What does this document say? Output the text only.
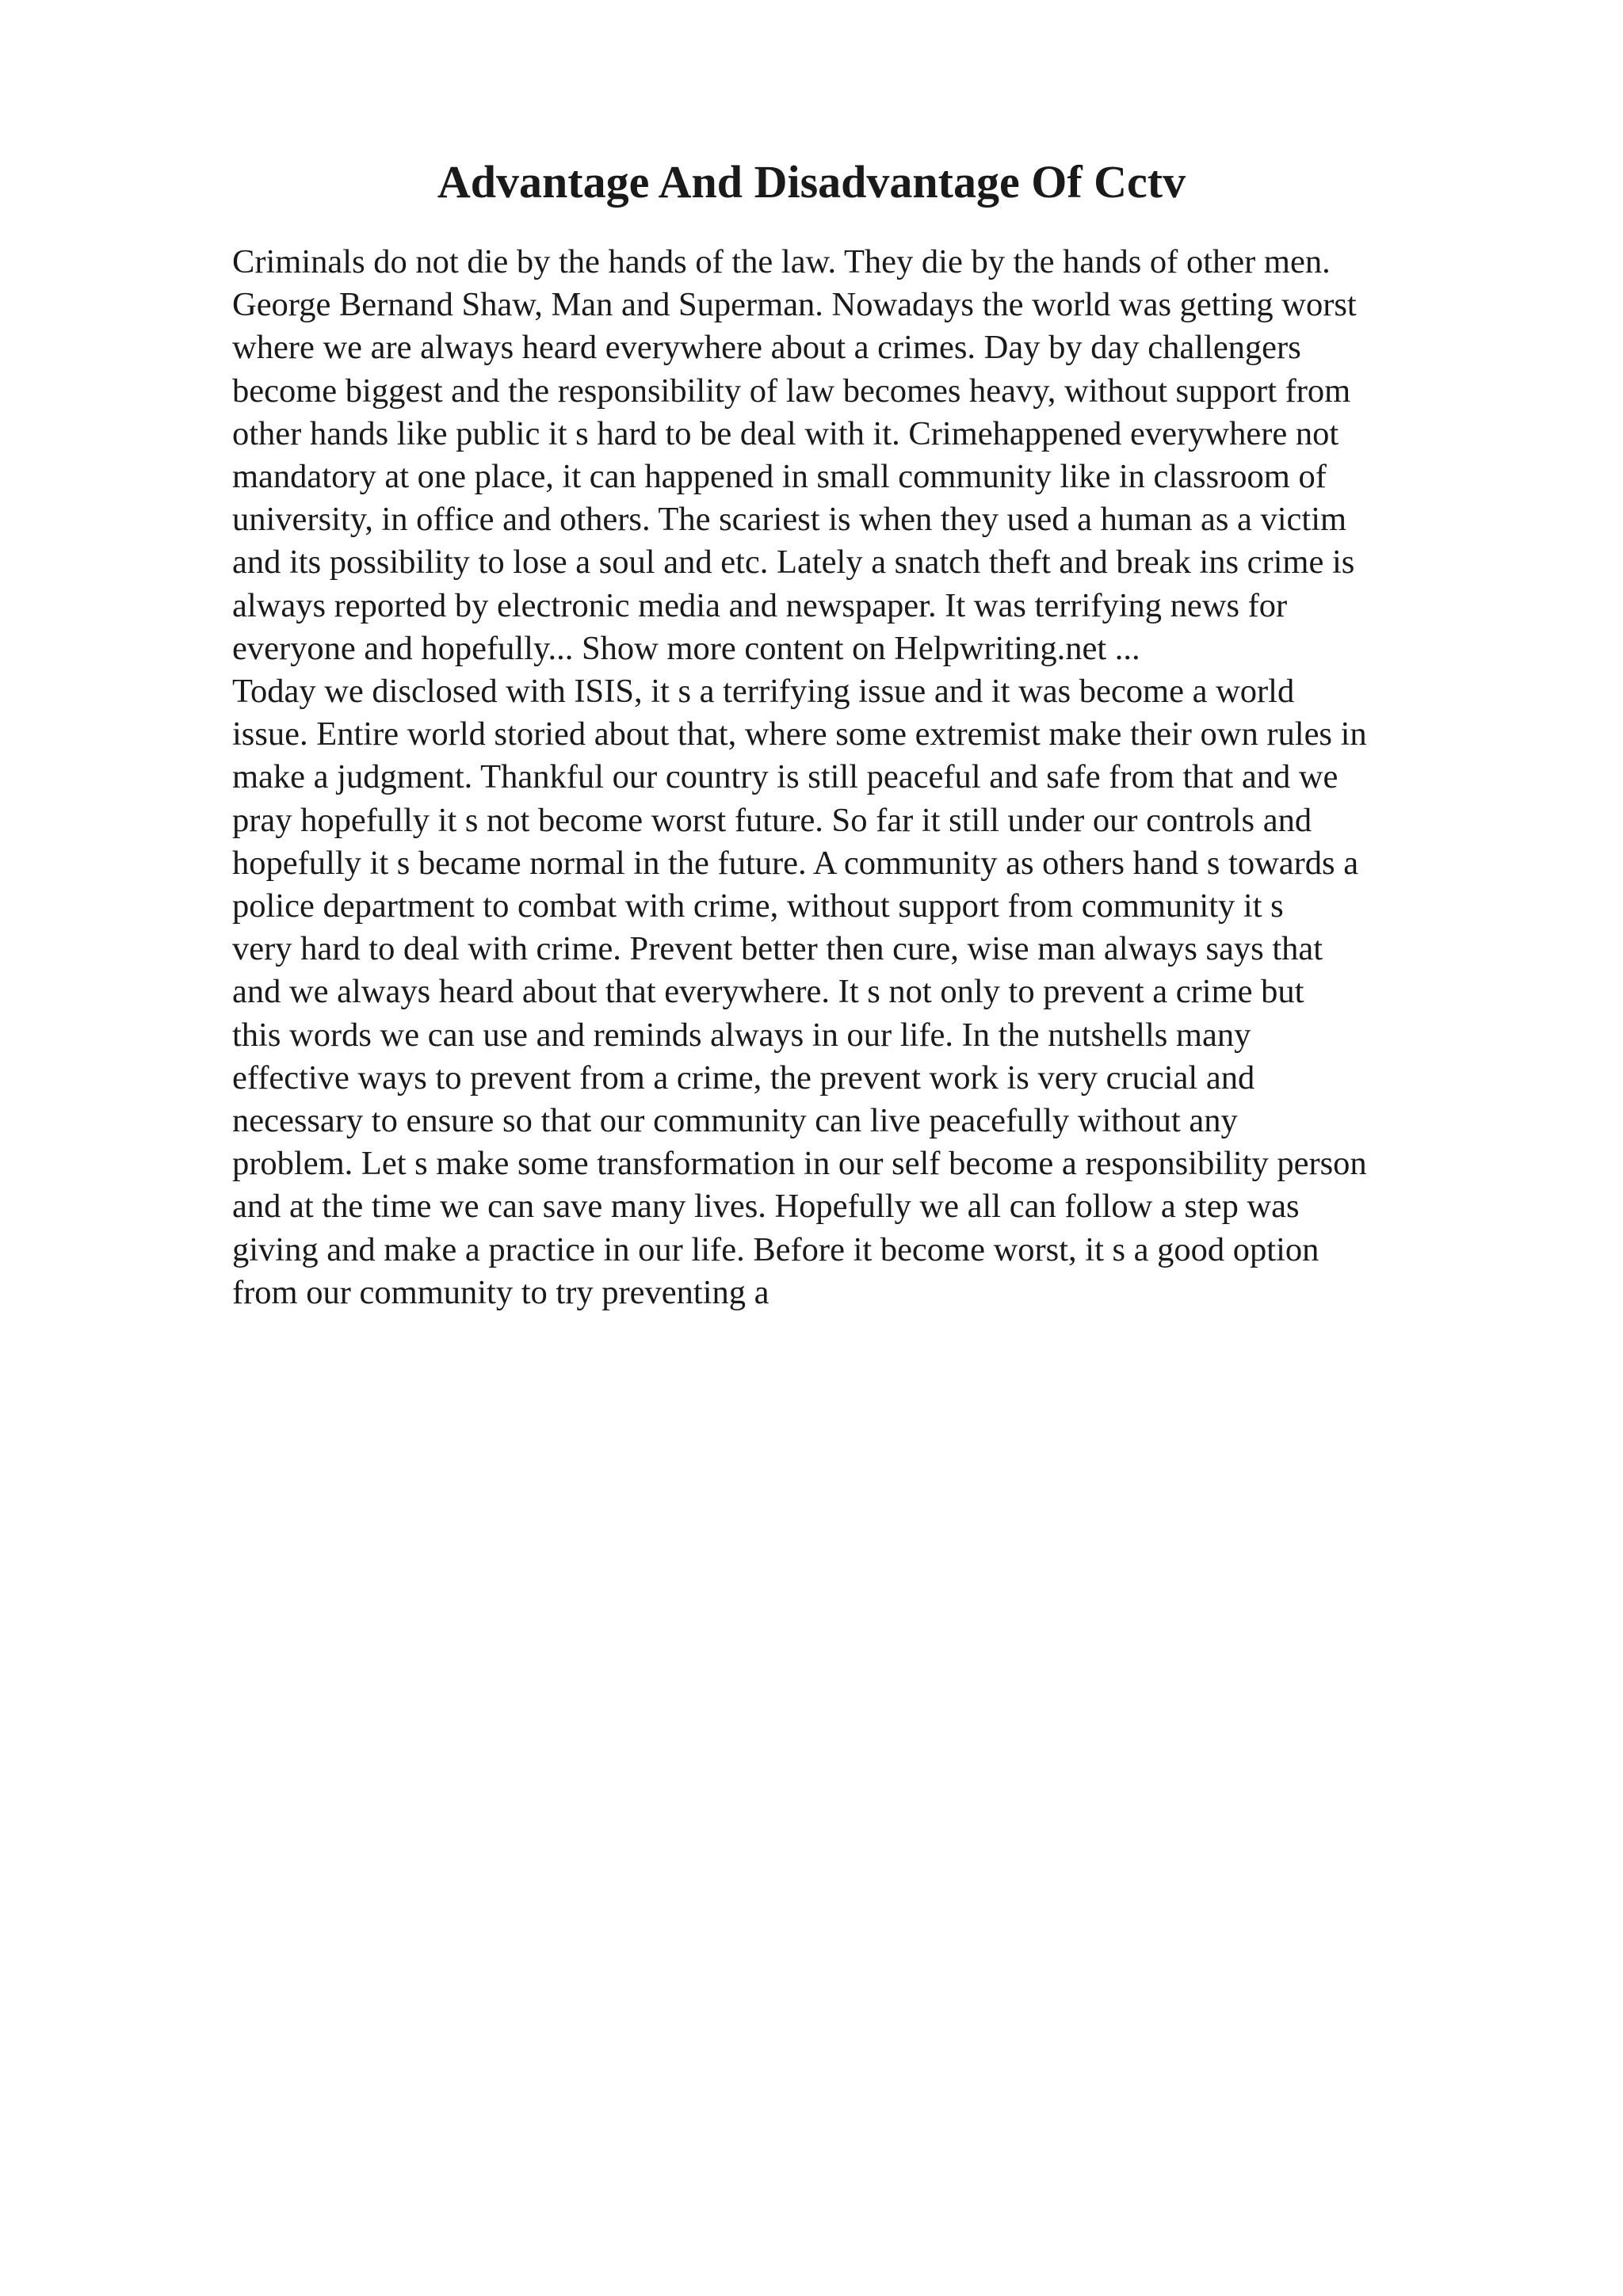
Advantage And Disadvantage Of Cctv
Criminals do not die by the hands of the law. They die by the hands of other men.
George Bernand Shaw, Man and Superman. Nowadays the world was getting worst
where we are always heard everywhere about a crimes. Day by day challengers
become biggest and the responsibility of law becomes heavy, without support from
other hands like public it s hard to be deal with it. Crimehappened everywhere not
mandatory at one place, it can happened in small community like in classroom of
university, in office and others. The scariest is when they used a human as a victim
and its possibility to lose a soul and etc. Lately a snatch theft and break ins crime is
always reported by electronic media and newspaper. It was terrifying news for
everyone and hopefully... Show more content on Helpwriting.net ...
Today we disclosed with ISIS, it s a terrifying issue and it was become a world
issue. Entire world storied about that, where some extremist make their own rules in
make a judgment. Thankful our country is still peaceful and safe from that and we
pray hopefully it s not become worst future. So far it still under our controls and
hopefully it s became normal in the future. A community as others hand s towards a
police department to combat with crime, without support from community it s
very hard to deal with crime. Prevent better then cure, wise man always says that
and we always heard about that everywhere. It s not only to prevent a crime but
this words we can use and reminds always in our life. In the nutshells many
effective ways to prevent from a crime, the prevent work is very crucial and
necessary to ensure so that our community can live peacefully without any
problem. Let s make some transformation in our self become a responsibility person
and at the time we can save many lives. Hopefully we all can follow a step was
giving and make a practice in our life. Before it become worst, it s a good option
from our community to try preventing a
